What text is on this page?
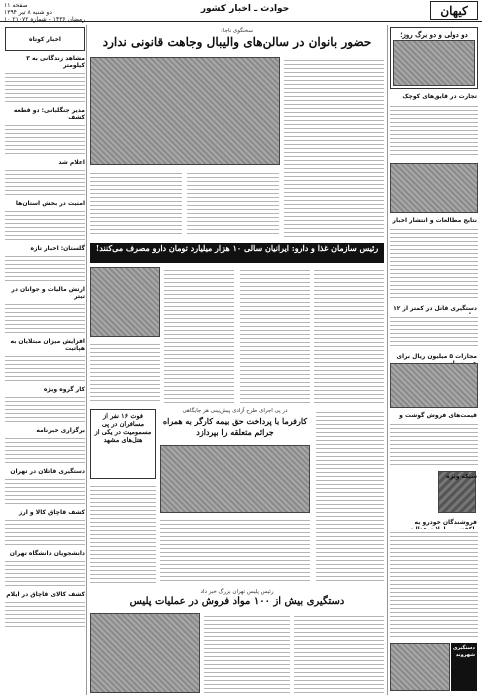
کیهان
حوادث ـ اخبار کشور
صفحه ۱۱
دو شنبه ۸ تیر ۱۳۹۴
۱۰ رمضان ۱۴۳۶ - شماره ۲۱۰۷۲
دو دولی و دو برگ روز؛
تجارت در قایق‌های کوچک
نتایج مطالعات و انتشار اخبار
دستگیری قاتل در کمتر از ۱۲
مجازات ۵ میلیون ریال برای
قیمت‌های فروش گوشت و
شبکه ویژه
فروشندگان خودرو به
دستگیری شهروند
سخنگوی ناجا:
حضور بانوان در سالن‌های والیبال وجاهت قانونی ندارد
رئیس سازمان غذا و دارو: ایرانیان سالی ۱۰ هزار میلیارد تومان دارو مصرف می‌کنند!
در پی اجرای طرح آزادی پیش‌بینی هر جایگاهی
کارفرما با پرداخت حق بیمه کارگر به همراه جرائم متعلقه را بپردازد
فوت ۱۶ نفر از مسافران در پی مسمومیت در یکی از هتل‌های مشهد
رئیس پلیس تهران بزرگ خبر داد
دستگیری بیش از ۱۰۰ مواد فروش در عملیات پلیس
اخبار کوتاه
مشاهد زندگانی به ۳ کیلومتر
مدیر جنگلبانی: دو قطعه کشف
اعلام شد
امنیت در بخش استان‌ها
گلستان: اخبار تازه
ارتش مالیات و جوانان در تیتر
افزایش میزان مبتلایان به هپاتیت
کار گروه ویژه
برگزاری خبرنامه
دستگیری قاتلان در تهران
کشف قاچاق کالا و ارز
دانشجویان دانشگاه تهران
کشف کالای قاچاق در ایلام
